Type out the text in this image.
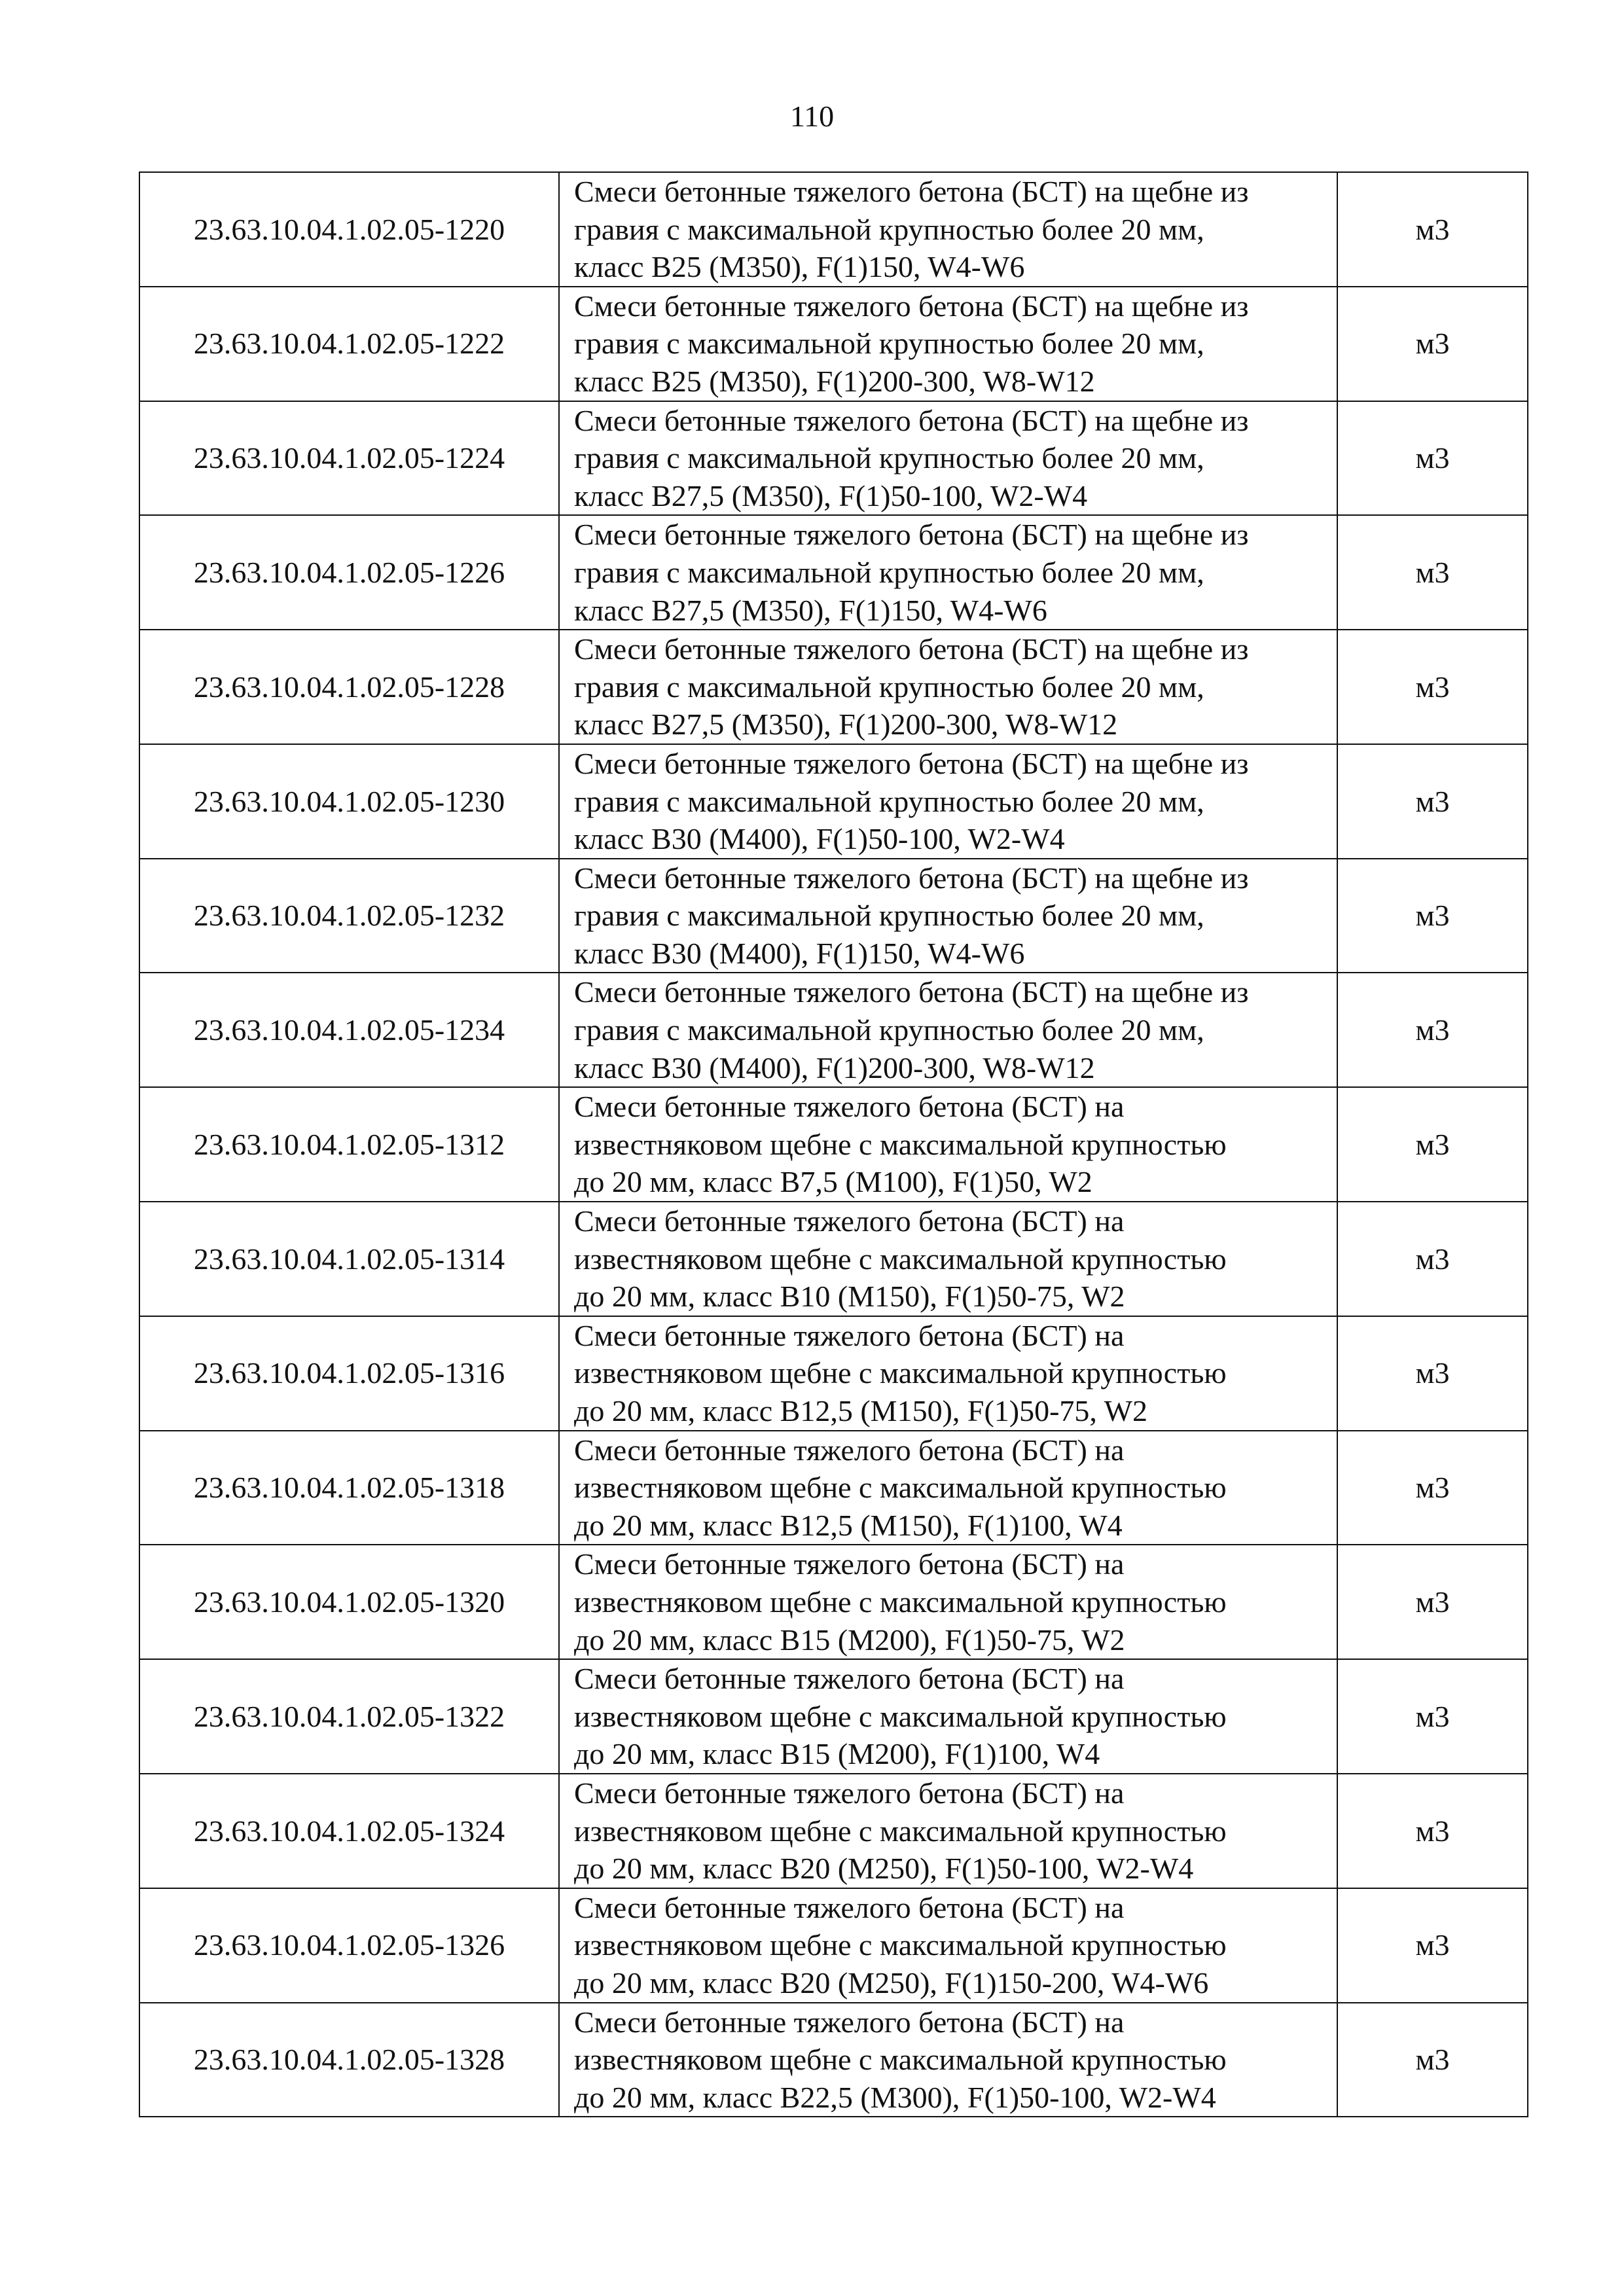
110
23.63.10.04.1.02.05-1220	Смеси бетонные тяжелого бетона (БСТ) на щебне из
гравия с максимальной крупностью более 20 мм,
класс В25 (М350), F(1)150, W4-W6	м3
23.63.10.04.1.02.05-1222	Смеси бетонные тяжелого бетона (БСТ) на щебне из
гравия с максимальной крупностью более 20 мм,
класс В25 (М350), F(1)200-300, W8-W12	м3
23.63.10.04.1.02.05-1224	Смеси бетонные тяжелого бетона (БСТ) на щебне из
гравия с максимальной крупностью более 20 мм,
класс В27,5 (М350), F(1)50-100, W2-W4	м3
23.63.10.04.1.02.05-1226	Смеси бетонные тяжелого бетона (БСТ) на щебне из
гравия с максимальной крупностью более 20 мм,
класс В27,5 (М350), F(1)150, W4-W6	м3
23.63.10.04.1.02.05-1228	Смеси бетонные тяжелого бетона (БСТ) на щебне из
гравия с максимальной крупностью более 20 мм,
класс В27,5 (М350), F(1)200-300, W8-W12	м3
23.63.10.04.1.02.05-1230	Смеси бетонные тяжелого бетона (БСТ) на щебне из
гравия с максимальной крупностью более 20 мм,
класс В30 (М400), F(1)50-100, W2-W4	м3
23.63.10.04.1.02.05-1232	Смеси бетонные тяжелого бетона (БСТ) на щебне из
гравия с максимальной крупностью более 20 мм,
класс В30 (М400), F(1)150, W4-W6	м3
23.63.10.04.1.02.05-1234	Смеси бетонные тяжелого бетона (БСТ) на щебне из
гравия с максимальной крупностью более 20 мм,
класс В30 (М400), F(1)200-300, W8-W12	м3
23.63.10.04.1.02.05-1312	Смеси бетонные тяжелого бетона (БСТ) на
известняковом щебне с максимальной крупностью
до 20 мм, класс В7,5 (М100), F(1)50, W2	м3
23.63.10.04.1.02.05-1314	Смеси бетонные тяжелого бетона (БСТ) на
известняковом щебне с максимальной крупностью
до 20 мм, класс В10 (М150), F(1)50-75, W2	м3
23.63.10.04.1.02.05-1316	Смеси бетонные тяжелого бетона (БСТ) на
известняковом щебне с максимальной крупностью
до 20 мм, класс В12,5 (М150), F(1)50-75, W2	м3
23.63.10.04.1.02.05-1318	Смеси бетонные тяжелого бетона (БСТ) на
известняковом щебне с максимальной крупностью
до 20 мм, класс В12,5 (М150), F(1)100, W4	м3
23.63.10.04.1.02.05-1320	Смеси бетонные тяжелого бетона (БСТ) на
известняковом щебне с максимальной крупностью
до 20 мм, класс В15 (М200), F(1)50-75, W2	м3
23.63.10.04.1.02.05-1322	Смеси бетонные тяжелого бетона (БСТ) на
известняковом щебне с максимальной крупностью
до 20 мм, класс В15 (М200), F(1)100, W4	м3
23.63.10.04.1.02.05-1324	Смеси бетонные тяжелого бетона (БСТ) на
известняковом щебне с максимальной крупностью
до 20 мм, класс В20 (М250), F(1)50-100, W2-W4	м3
23.63.10.04.1.02.05-1326	Смеси бетонные тяжелого бетона (БСТ) на
известняковом щебне с максимальной крупностью
до 20 мм, класс В20 (М250), F(1)150-200, W4-W6	м3
23.63.10.04.1.02.05-1328	Смеси бетонные тяжелого бетона (БСТ) на
известняковом щебне с максимальной крупностью
до 20 мм, класс В22,5 (М300), F(1)50-100, W2-W4	м3
